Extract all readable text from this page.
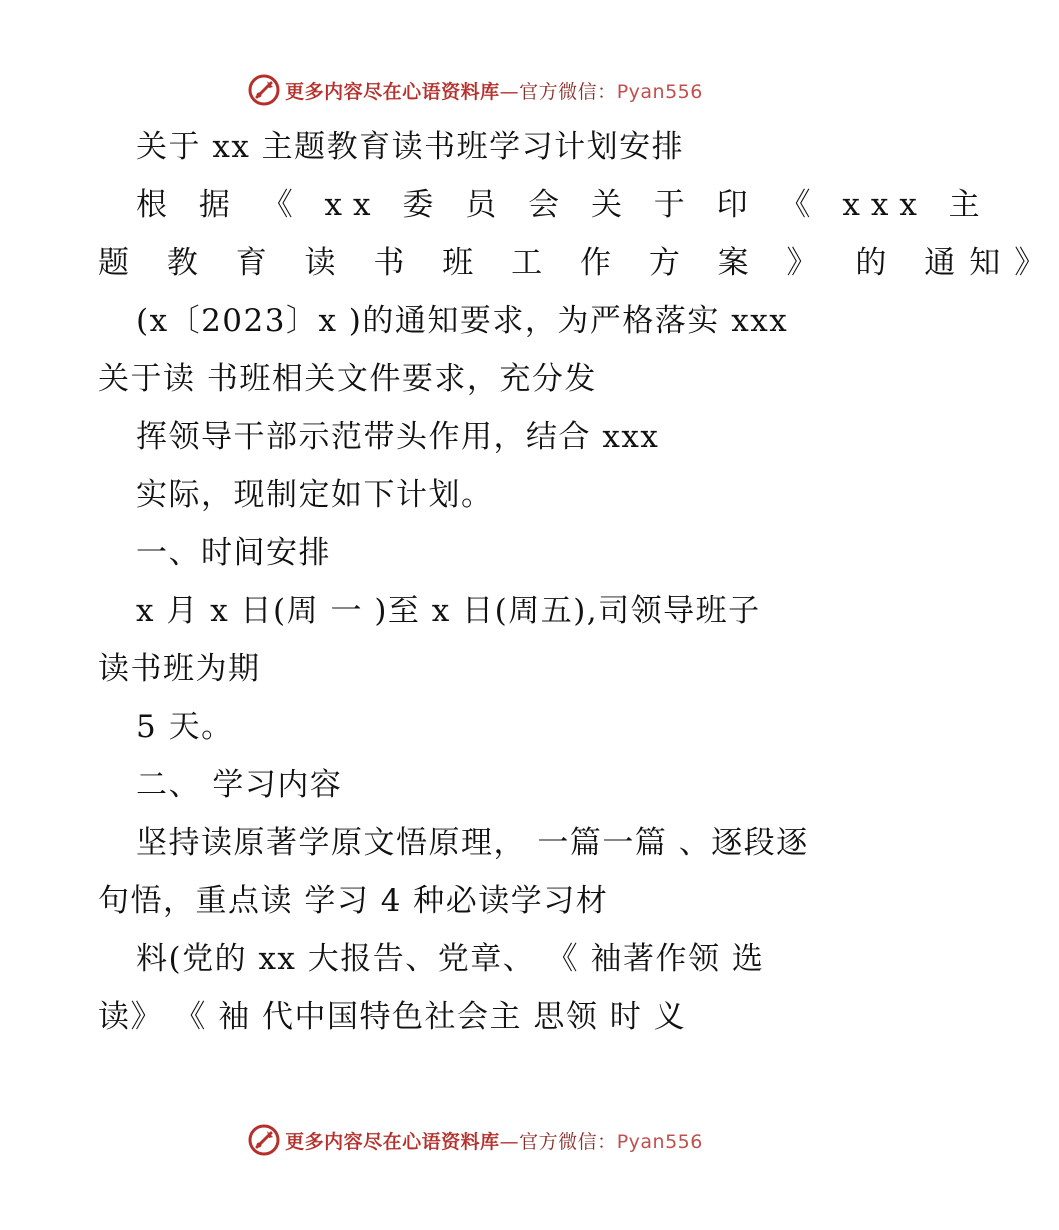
更多内容尽在心语资料库—官方微信：Pyan556
关于 xx 主题教育读书班学习计划安排
根 据 《 xx 委 员 会 关 于 印 《 xxx 主
题 教 育 读 书 班 工 作 方 案 》 的 通知》
(x〔2023〕x )的通知要求，为严格落实 xxx
关于读 书班相关文件要求，充分发
挥领导干部示范带头作用，结合 xxx
实际，现制定如下计划。
一、时间安排
x 月 x 日(周 一 )至 x 日(周五),司领导班子
读书班为期
5 天。
二、 学习内容
坚持读原著学原文悟原理， 一篇一篇 、逐段逐
句悟，重点读 学习 4 种必读学习材
料(党的 xx 大报告、党章、 《 袖著作领 选
读》 《 袖 代中国特色社会主 思领 时 义
更多内容尽在心语资料库—官方微信：Pyan556
